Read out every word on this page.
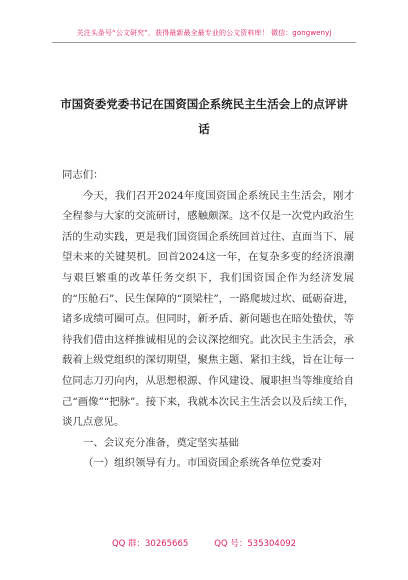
关注头条号“公文研究”，获得最新最全最专业的公文资料库！ 微信：gongwenyj
市国资委党委书记在国资国企系统民主生活会上的点评讲
话

同志们：

今天，我们召开2024年度国资国企系统民主生活会，刚才全程参与大家的交流研讨，感触颇深。这不仅是一次党内政治生活的生动实践，更是我们国资国企系统回首过往、直面当下、展望未来的关键契机。回首2024这一年，在复杂多变的经济浪潮与艰巨繁重的改革任务交织下，我们国资国企作为经济发展的“压舱石”、民生保障的“顶梁柱”，一路爬坡过坎、砥砺奋进，诸多成绩可圈可点。但同时，新矛盾、新问题也在暗处蛰伏，等待我们借由这样推诚相见的会议深挖细究。此次民主生活会，承载着上级党组织的深切期望，聚焦主题、紧扣主线，旨在让每一位同志刀刃向内，从思想根源、作风建设、履职担当等维度给自己“画像”“把脉”。接下来，我就本次民主生活会以及后续工作，谈几点意见。

一、会议充分准备，奠定坚实基础

（一）组织领导有力。市国资国企系统各单位党委对

QQ 群：30265665	QQ 号：535304092
